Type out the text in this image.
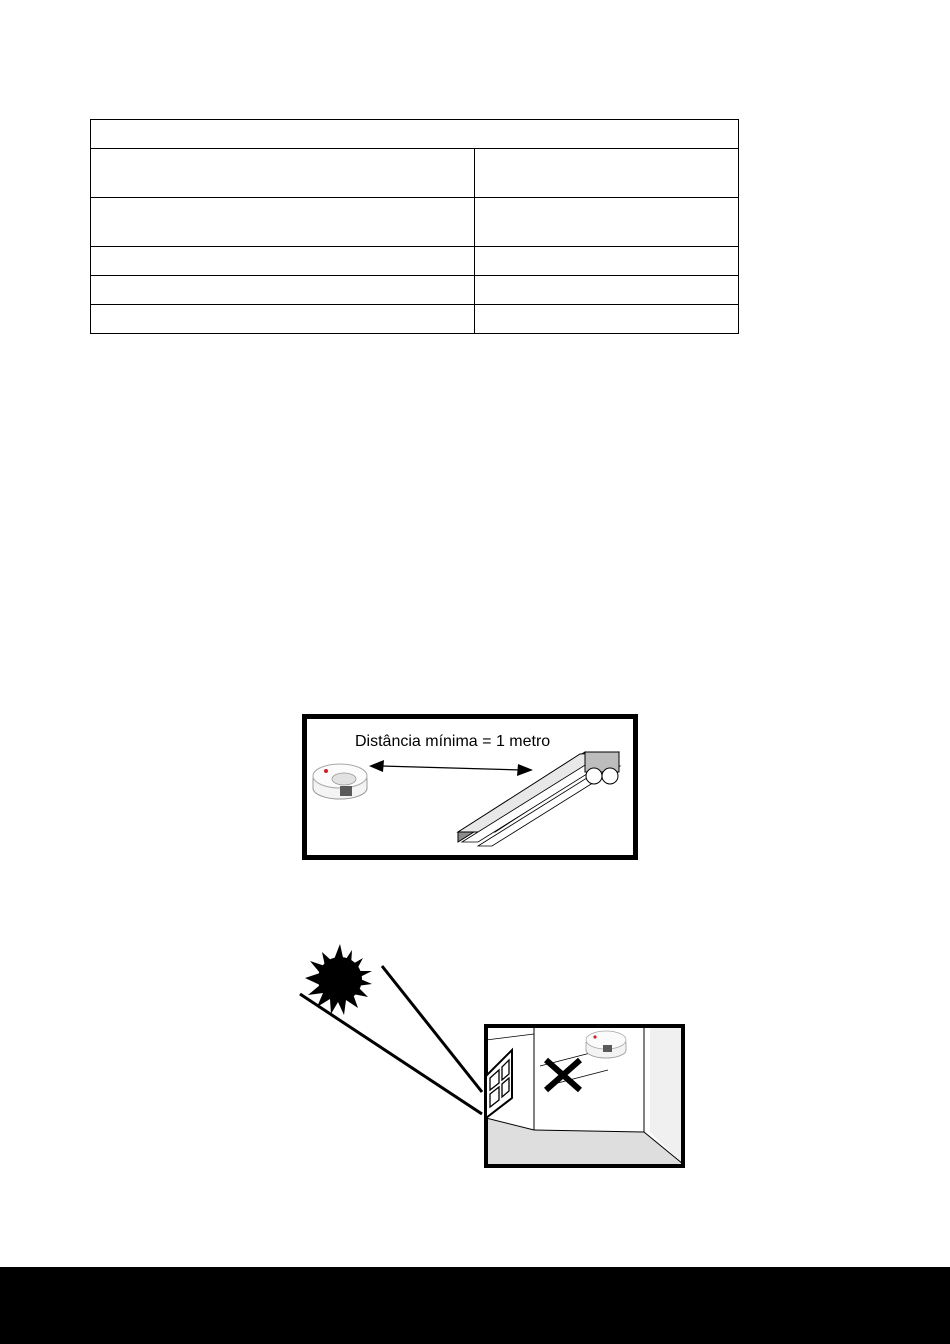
Distância mínima = 1 metro
